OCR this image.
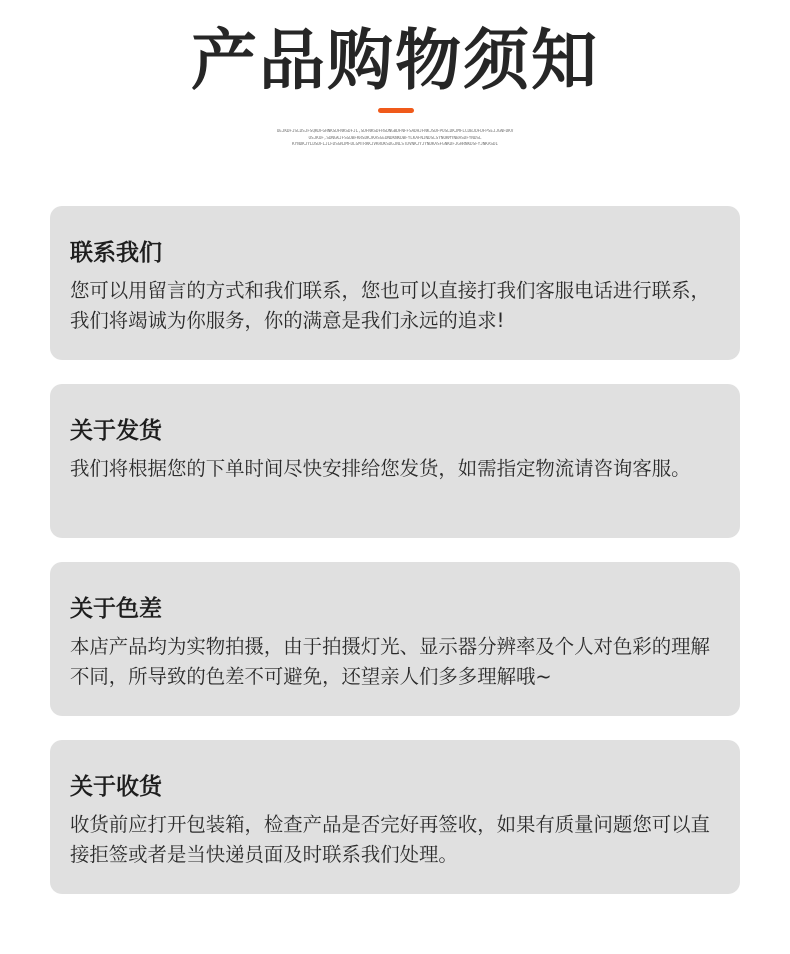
产品购物须知
OEJKDFJSLDSJFSQKDFGHNKSDFNKSDFJL,SDFNKSDFHSDNGBDFNFFSADHJFNKJSDFPOSLDKJMFLCDBJDFDFPSEJJGNFDKV
OSJKOF,SDNGKJFSGDBFKRSDKJKASGEDNDKNKDBFYLKAFNJNDSLSYNOKMYNBASDFYNDSL
KYNDKJYLDSDFLJLFDSGNJMFDLGMTRRKJVKRUKSDGJNLSTDVNKJYJYNDKASFGNKDFJGHRNKDSFYJNKASDI
联系我们
您可以用留言的方式和我们联系，您也可以直接打我们客服电话进行联系，我们将竭诚为你服务，你的满意是我们永远的追求!
关于发货
我们将根据您的下单时间尽快安排给您发货，如需指定物流请咨询客服。
关于色差
本店产品均为实物拍摄，由于拍摄灯光、显示器分辨率及个人对色彩的理解不同，所导致的色差不可避免，还望亲人们多多理解哦~
关于收货
收货前应打开包装箱，检查产品是否完好再签收，如果有质量问题您可以直接拒签或者是当快递员面及时联系我们处理。
